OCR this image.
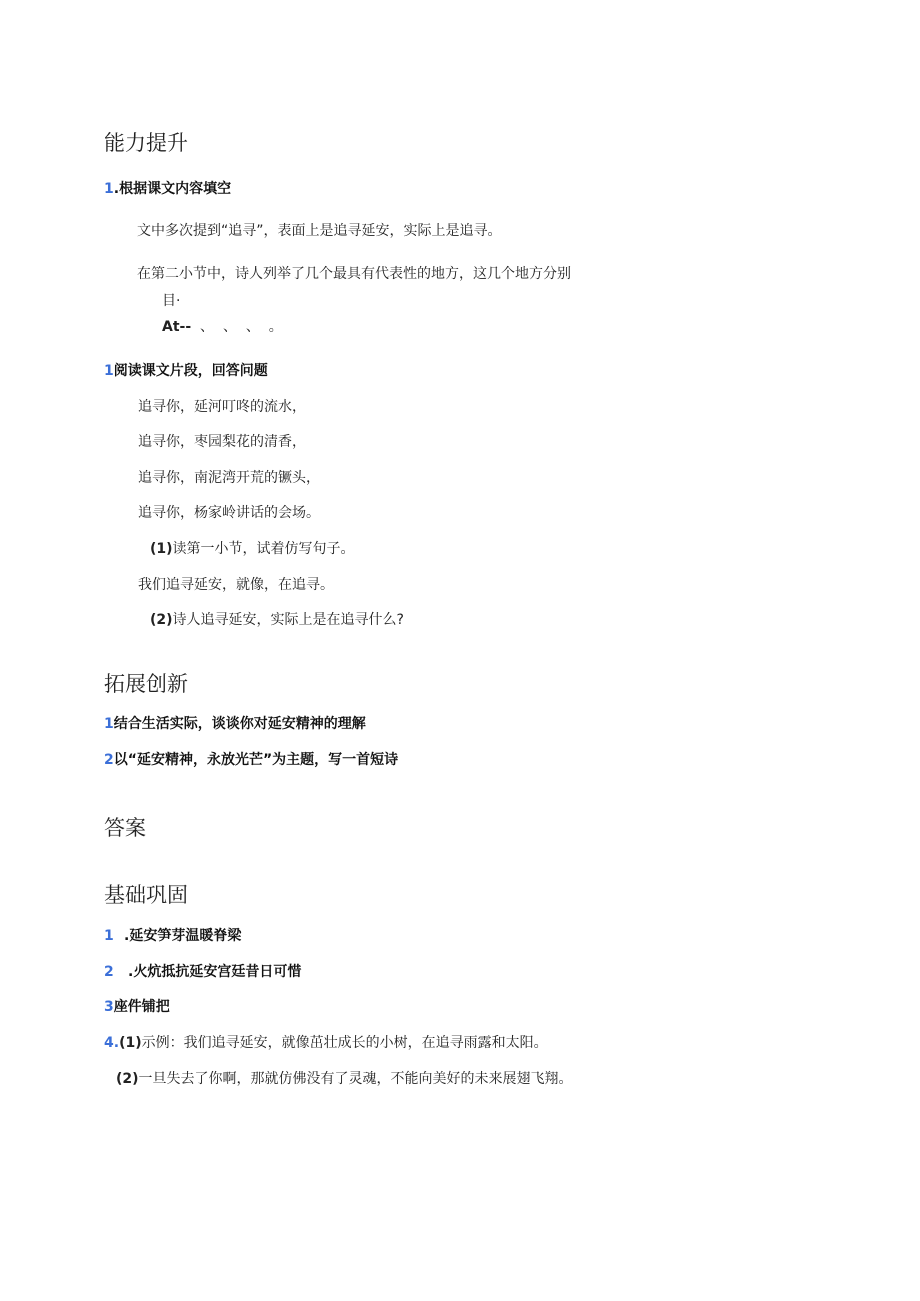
能力提升
1.根据课文内容填空
文中多次提到“追寻”，表面上是追寻延安，实际上是追寻。
在第二小节中，诗人列举了几个最具有代表性的地方，这几个地方分别
目·
At--  、  、  、  。
1阅读课文片段，回答问题
追寻你，延河叮咚的流水，
追寻你，枣园梨花的清香，
追寻你，南泥湾开荒的镢头，
追寻你，杨家岭讲话的会场。
(1)读第一小节，试着仿写句子。
我们追寻延安，就像，在追寻。
(2)诗人追寻延安，实际上是在追寻什么?
拓展创新
1结合生活实际，谈谈你对延安精神的理解
2以“延安精神，永放光芒”为主题，写一首短诗
答案
基础巩固
1 .延安笋芽温暖脊梁
2 .火炕抵抗延安宫廷昔日可惜
3座件铺把
4.(1)示例：我们追寻延安，就像茁壮成长的小树，在追寻雨露和太阳。
(2)一旦失去了你啊，那就仿佛没有了灵魂，不能向美好的未来展翅飞翔。
